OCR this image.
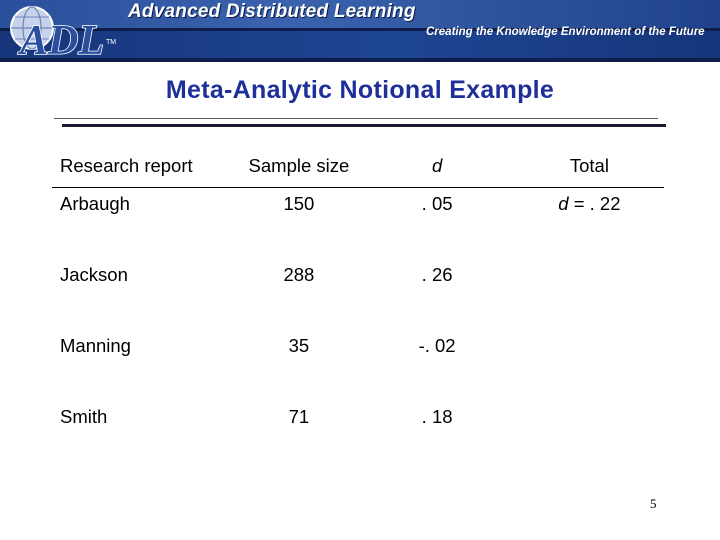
ADL TM
Advanced Distributed Learning
Creating the Knowledge Environment of the Future
Meta-Analytic Notional Example
Research report	Sample size	d	Total
Arbaugh	150	. 05	d = . 22
Jackson	288	. 26	
Manning	35	-. 02	
Smith	71	. 18	
5
